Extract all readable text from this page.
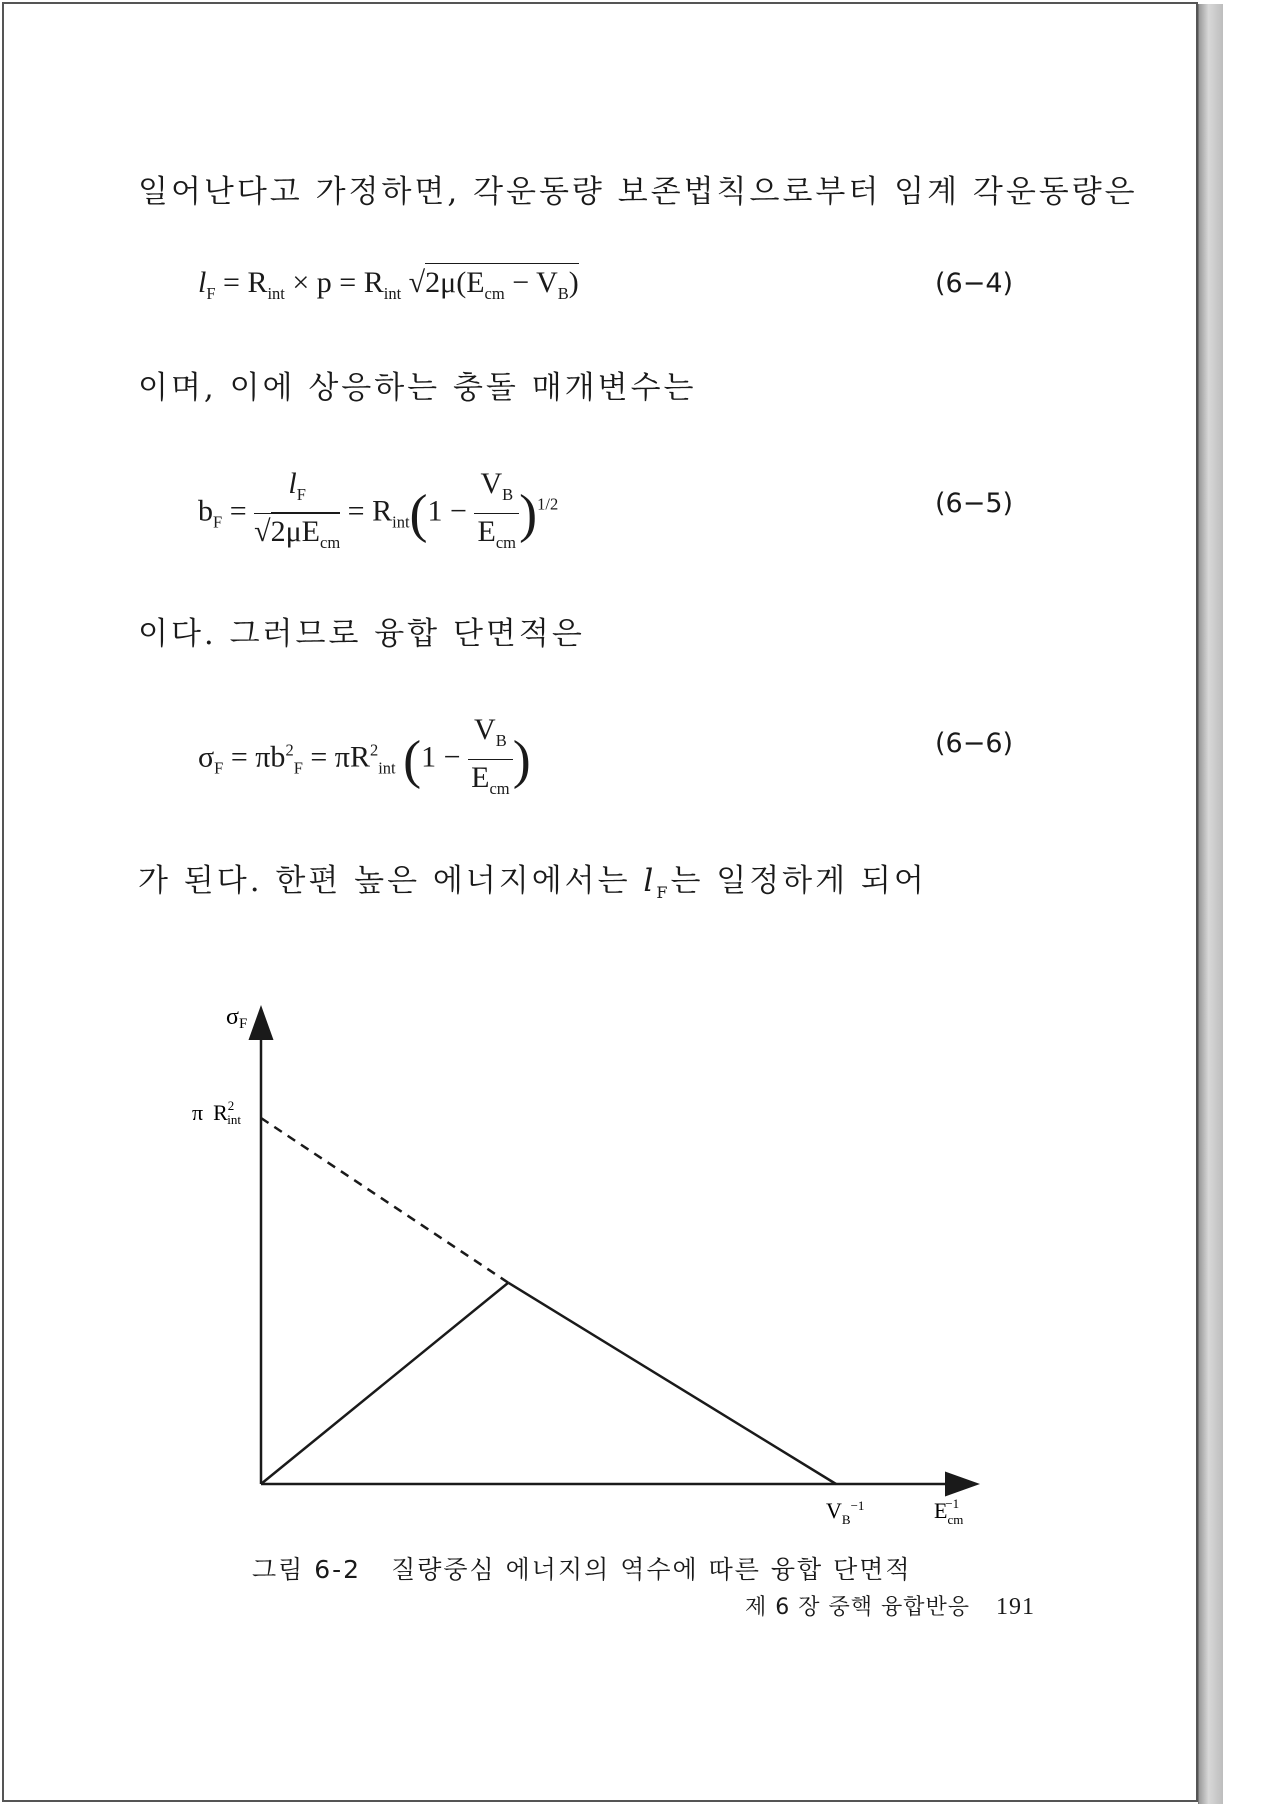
일어난다고 가정하면, 각운동량 보존법칙으로부터 임계 각운동량은
$l_F = R_{int} \times p = R_{int}$ $√2\mu(E_{cm} - V_B)$	(6−4)
이며, 이에 상응하는 충돌 매개변수는
$b_F = \frac{l_F}{√2\mu E_{cm}} = R_{int}(1 - \frac{V_B}{E_{cm}} )^{1/2}$	(6−5)
이다. 그러므로 융합 단면적은
$\sigma_F = \pi b^2_F = \pi R^2_{int}$ ($1 - \frac{V_B}{E_{cm}}$ )	(6−6)
가 된다. 한편 높은 에너지에서는 $l_F$는 일정하게 되어
σF
π $R^2$ int
$V_B^{-1}$	$E_{cm}-1$
그림 6-2 질량중심 에너지의 역수에 따른 융합 단면적
제 6 장 중핵 융합반응 191
